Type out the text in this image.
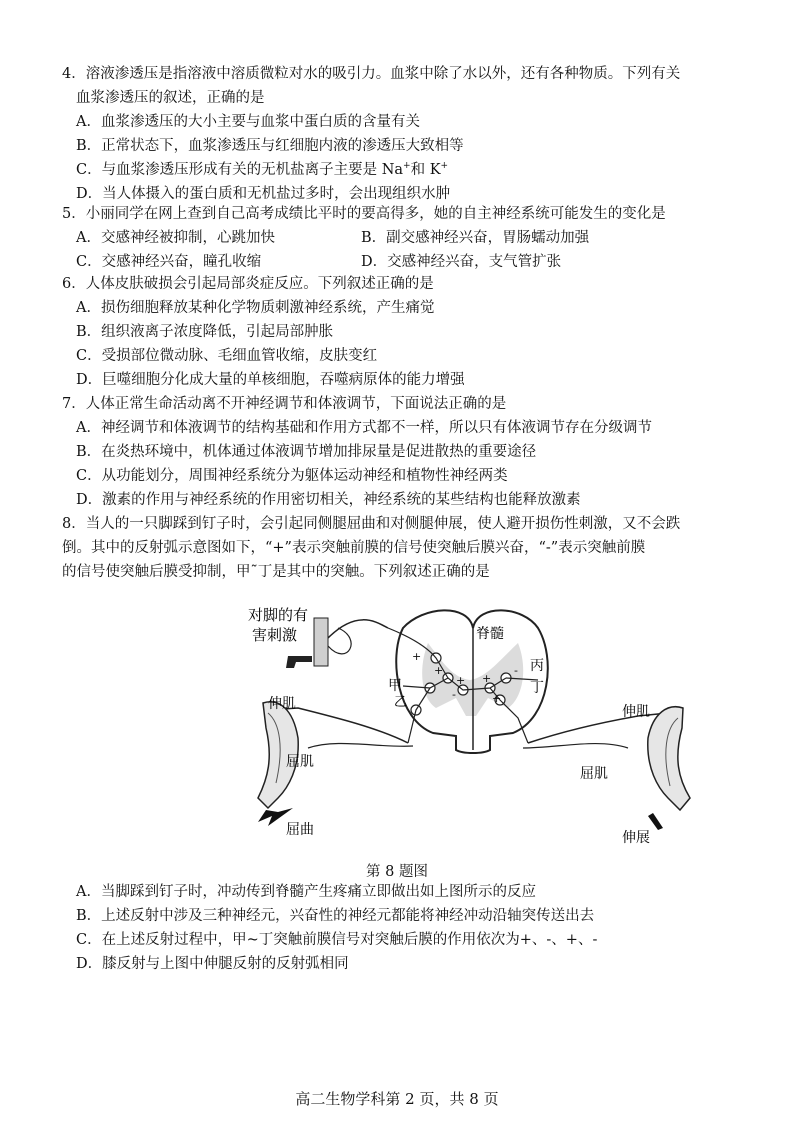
4．溶液渗透压是指溶液中溶质微粒对水的吸引力。血浆中除了水以外，还有各种物质。下列有关

血浆渗透压的叙述，正确的是

A．血浆渗透压的大小主要与血浆中蛋白质的含量有关

B．正常状态下，血浆渗透压与红细胞内液的渗透压大致相等

C．与血浆渗透压形成有关的无机盐离子主要是 Na+和 K+

D．当人体摄入的蛋白质和无机盐过多时，会出现组织水肿

5．小丽同学在网上查到自己高考成绩比平时的要高得多，她的自主神经系统可能发生的变化是

A．交感神经被抑制，心跳加快	B．副交感神经兴奋，胃肠蠕动加强
C．交感神经兴奋，瞳孔收缩	D．交感神经兴奋，支气管扩张

6．人体皮肤破损会引起局部炎症反应。下列叙述正确的是

A．损伤细胞释放某种化学物质刺激神经系统，产生痛觉

B．组织液离子浓度降低，引起局部肿胀

C．受损部位微动脉、毛细血管收缩，皮肤变红

D．巨噬细胞分化成大量的单核细胞，吞噬病原体的能力增强

7．人体正常生命活动离不开神经调节和体液调节，下面说法正确的是

A．神经调节和体液调节的结构基础和作用方式都不一样，所以只有体液调节存在分级调节

B．在炎热环境中，机体通过体液调节增加排尿量是促进散热的重要途径

C．从功能划分，周围神经系统分为躯体运动神经和植物性神经两类

D．激素的作用与神经系统的作用密切相关，神经系统的某些结构也能释放激素

8．当人的一只脚踩到钉子时，会引起同侧腿屈曲和对侧腿伸展，使人避开损伤性刺激，又不会跌

倒。其中的反射弧示意图如下，“+”表示突触前膜的信号使突触后膜兴奋，“-”表示突触前膜

的信号使突触后膜受抑制，甲˜丁是其中的突触。下列叙述正确的是

+
+
+ +
+
-
-
脊髓
甲
乙
丙
丁
对脚的有
害刺激
伸肌
屈肌
屈曲
伸肌
屈肌
伸展
第 8 题图

A．当脚踩到钉子时，冲动传到脊髓产生疼痛立即做出如上图所示的反应

B．上述反射中涉及三种神经元，兴奋性的神经元都能将神经冲动沿轴突传送出去

C．在上述反射过程中，甲~丁突触前膜信号对突触后膜的作用依次为+、-、+、-

D．膝反射与上图中伸腿反射的反射弧相同

高二生物学科第 2 页，共 8 页
